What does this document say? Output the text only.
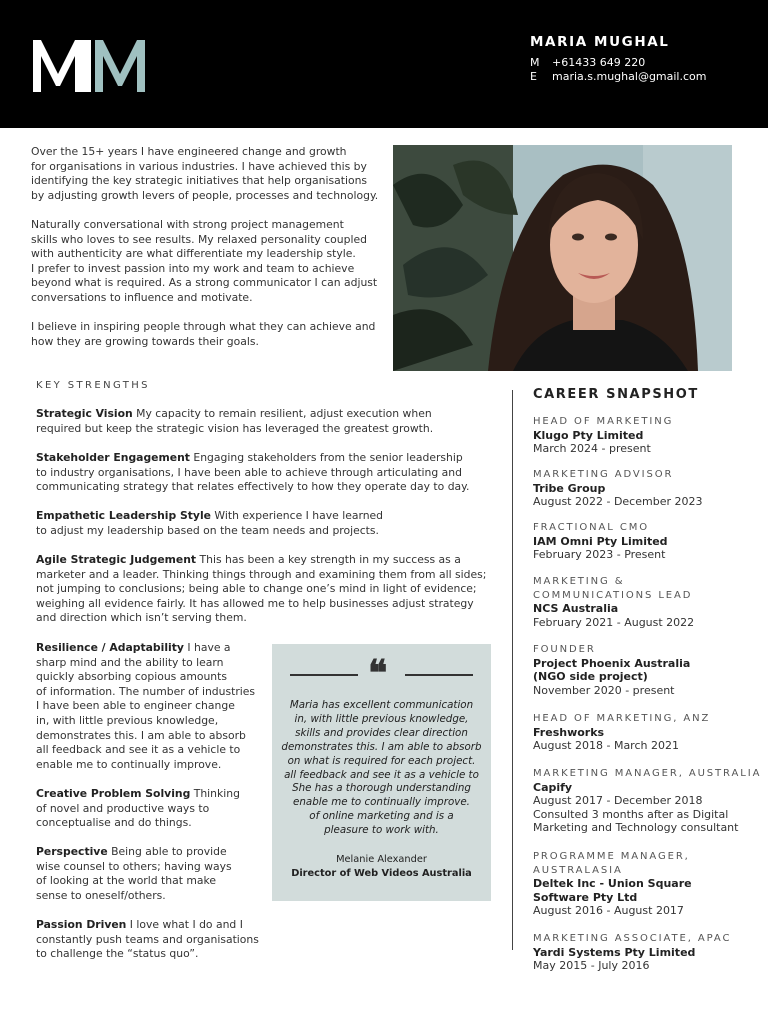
MARIA MUGHAL
M +61433 649 220
E maria.s.mughal@gmail.com

Over the 15+ years I have engineered change and growth
for organisations in various industries. I have achieved this by
identifying the key strategic initiatives that help organisations
by adjusting growth levers of people, processes and technology.

Naturally conversational with strong project management
skills who loves to see results. My relaxed personality coupled
with authenticity are what differentiate my leadership style.
I prefer to invest passion into my work and team to achieve
beyond what is required. As a strong communicator I can adjust
conversations to influence and motivate.

I believe in inspiring people through what they can achieve and
how they are growing towards their goals.

KEY STRENGTHS
Strategic Vision My capacity to remain resilient, adjust execution when
required but keep the strategic vision has leveraged the greatest growth.
Stakeholder Engagement Engaging stakeholders from the senior leadership
to industry organisations, I have been able to achieve through articulating and
communicating strategy that relates effectively to how they operate day to day.
Empathetic Leadership Style With experience I have learned
to adjust my leadership based on the team needs and projects.
Agile Strategic Judgement This has been a key strength in my success as a
marketer and a leader. Thinking things through and examining them from all sides;
not jumping to conclusions; being able to change one’s mind in light of evidence;
weighing all evidence fairly. It has allowed me to help businesses adjust strategy
and direction which isn’t serving them.
Resilience / Adaptability I have a
sharp mind and the ability to learn
quickly absorbing copious amounts
of information. The number of industries
I have been able to engineer change
in, with little previous knowledge,
demonstrates this. I am able to absorb
all feedback and see it as a vehicle to
enable me to continually improve.
Creative Problem Solving Thinking
of novel and productive ways to
conceptualise and do things.
Perspective Being able to provide
wise counsel to others; having ways
of looking at the world that make
sense to oneself/others.
Passion Driven I love what I do and I
constantly push teams and organisations
to challenge the “status quo”.
❝
Maria has excellent communication
in, with little previous knowledge,
skills and provides clear direction
demonstrates this. I am able to absorb
on what is required for each project.
all feedback and see it as a vehicle to
She has a thorough understanding
enable me to continually improve.
of online marketing and is a
pleasure to work with.
Melanie Alexander
Director of Web Videos Australia
CAREER SNAPSHOT
HEAD OF MARKETING
Klugo Pty Limited
March 2024 - present
MARKETING ADVISOR
Tribe Group
August 2022 - December 2023
FRACTIONAL CMO
IAM Omni Pty Limited
February 2023 - Present
MARKETING &
COMMUNICATIONS LEAD
NCS Australia
February 2021 - August 2022
FOUNDER
Project Phoenix Australia
(NGO side project)
November 2020 - present
HEAD OF MARKETING, ANZ
Freshworks
August 2018 - March 2021
MARKETING MANAGER, AUSTRALIA
Capify
August 2017 - December 2018
Consulted 3 months after as Digital
Marketing and Technology consultant
PROGRAMME MANAGER,
AUSTRALASIA
Deltek Inc - Union Square
Software Pty Ltd
August 2016 - August 2017
MARKETING ASSOCIATE, APAC
Yardi Systems Pty Limited
May 2015 - July 2016
